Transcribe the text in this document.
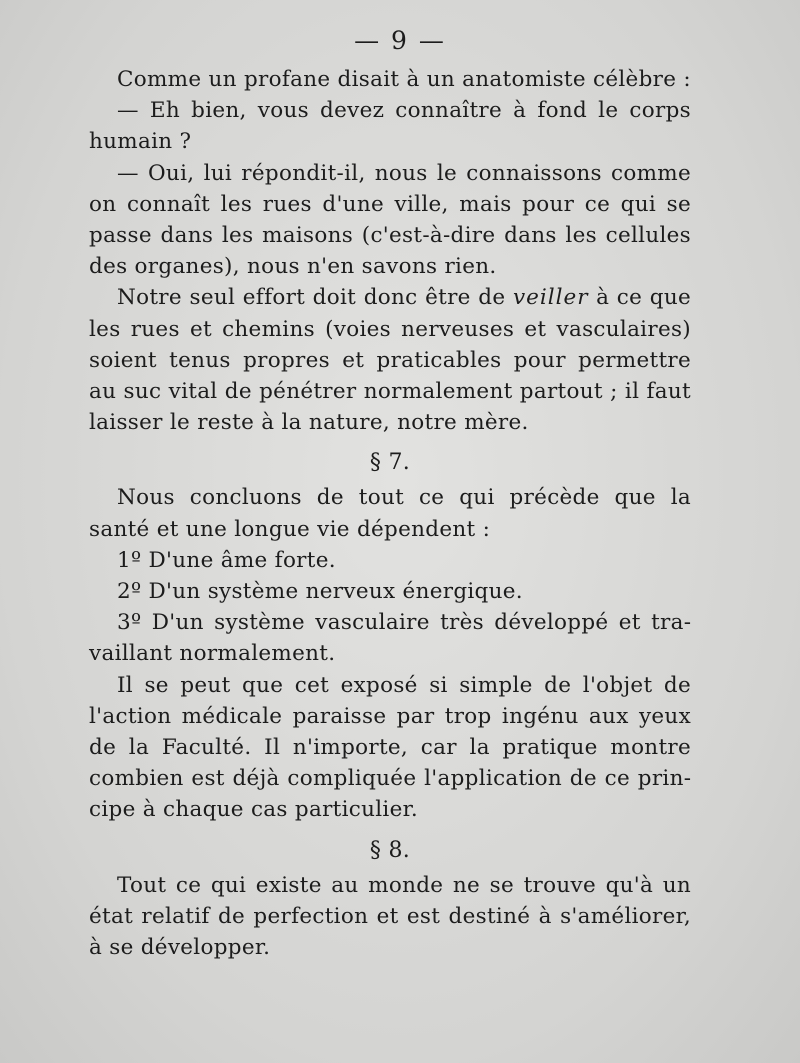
— 9 —

Comme un profane disait à un anatomiste célèbre :

— Eh bien, vous devez connaître à fond le corps humain ?

— Oui, lui répondit-il, nous le connaissons comme on connaît les rues d'une ville, mais pour ce qui se passe dans les maisons (c'est-à-dire dans les cellules des organes), nous n'en savons rien.

Notre seul effort doit donc être de veiller à ce que les rues et chemins (voies nerveuses et vasculaires) soient tenus propres et praticables pour permettre au suc vital de pénétrer normalement partout ; il faut laisser le reste à la nature, notre mère.

§ 7.

Nous concluons de tout ce qui précède que la santé et une longue vie dépendent :

1º D'une âme forte.

2º D'un système nerveux énergique.

3º D'un système vasculaire très développé et travaillant normalement.

Il se peut que cet exposé si simple de l'objet de l'action médicale paraisse par trop ingénu aux yeux de la Faculté. Il n'importe, car la pratique montre combien est déjà compliquée l'application de ce principe à chaque cas particulier.

§ 8.

Tout ce qui existe au monde ne se trouve qu'à un état relatif de perfection et est destiné à s'améliorer, à se développer.
